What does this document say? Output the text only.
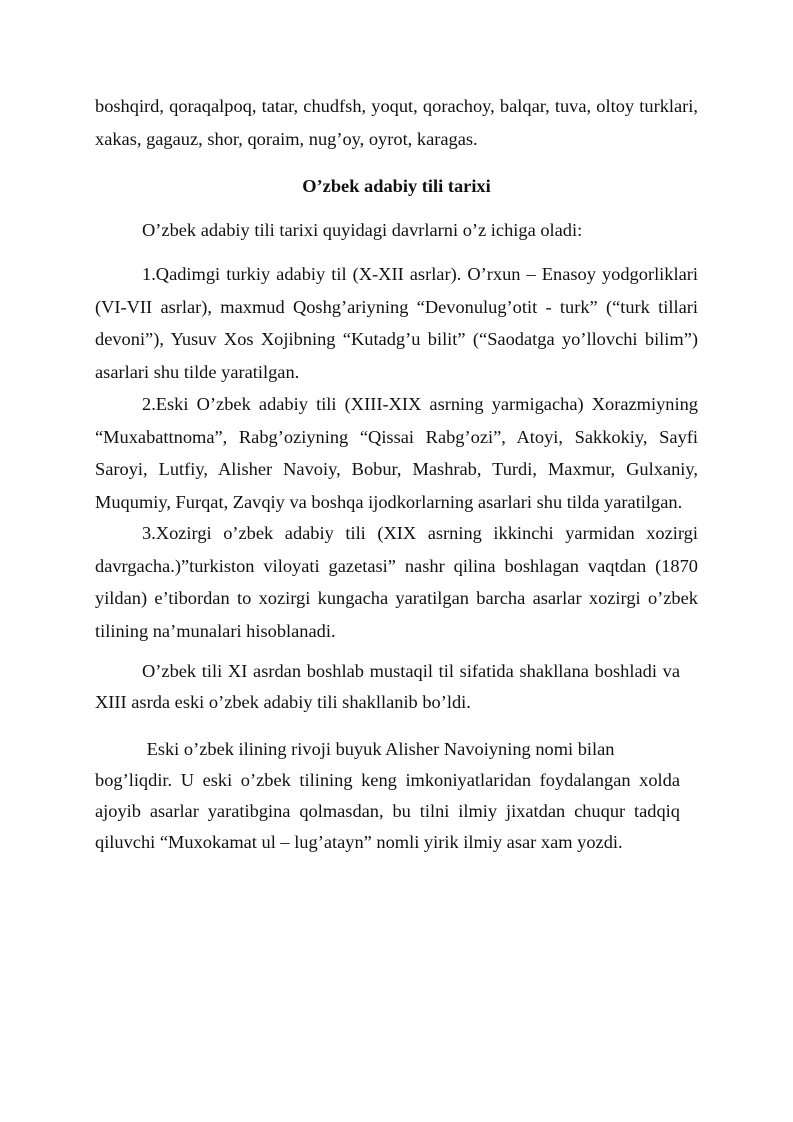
boshqird, qoraqalpoq, tatar, chudfsh, yoqut, qorachoy, balqar, tuva, oltoy turklari, xakas, gagauz, shor, qoraim, nug’oy, oyrot, karagas.

O’zbek adabiy tili tarixi

O’zbek adabiy tili tarixi quyidagi davrlarni o’z ichiga oladi:

1.Qadimgi turkiy adabiy til (X-XII asrlar). O’rxun – Enasoy yodgorliklari (VI-VII asrlar), maxmud Qoshg’ariyning “Devonulug’otit - turk” (“turk tillari devoni”), Yusuv Xos Xojibning “Kutadg’u bilit” (“Saodatga yo’llovchi bilim”) asarlari shu tilde yaratilgan.

2.Eski O’zbek adabiy tili (XIII-XIX asrning yarmigacha) Xorazmiyning “Muxabattnoma”, Rabg’oziyning “Qissai Rabg’ozi”, Atoyi, Sakkokiy, Sayfi Saroyi, Lutfiy, Alisher Navoiy, Bobur, Mashrab, Turdi, Maxmur, Gulxaniy, Muqumiy, Furqat, Zavqiy va boshqa ijodkorlarning asarlari shu tilda yaratilgan.

3.Xozirgi o’zbek adabiy tili (XIX asrning ikkinchi yarmidan xozirgi davrgacha.)”turkiston viloyati gazetasi” nashr qilina boshlagan vaqtdan (1870 yildan) e’tibordan to xozirgi kungacha yaratilgan barcha asarlar xozirgi o’zbek tilining na’munalari hisoblanadi.

O’zbek tili XI asrdan boshlab mustaqil til sifatida shakllana boshladi va
XIII asrda eski o’zbek adabiy tili shakllanib bo’ldi.
Eski o’zbek ilining rivoji buyuk Alisher Navoiyning nomi bilan
bog’liqdir. U eski o’zbek tilining keng imkoniyatlaridan foydalangan xolda
ajoyib asarlar yaratibgina qolmasdan, bu tilni ilmiy jixatdan chuqur tadqiq
qiluvchi “Muxokamat ul – lug’atayn” nomli yirik ilmiy asar xam yozdi.
